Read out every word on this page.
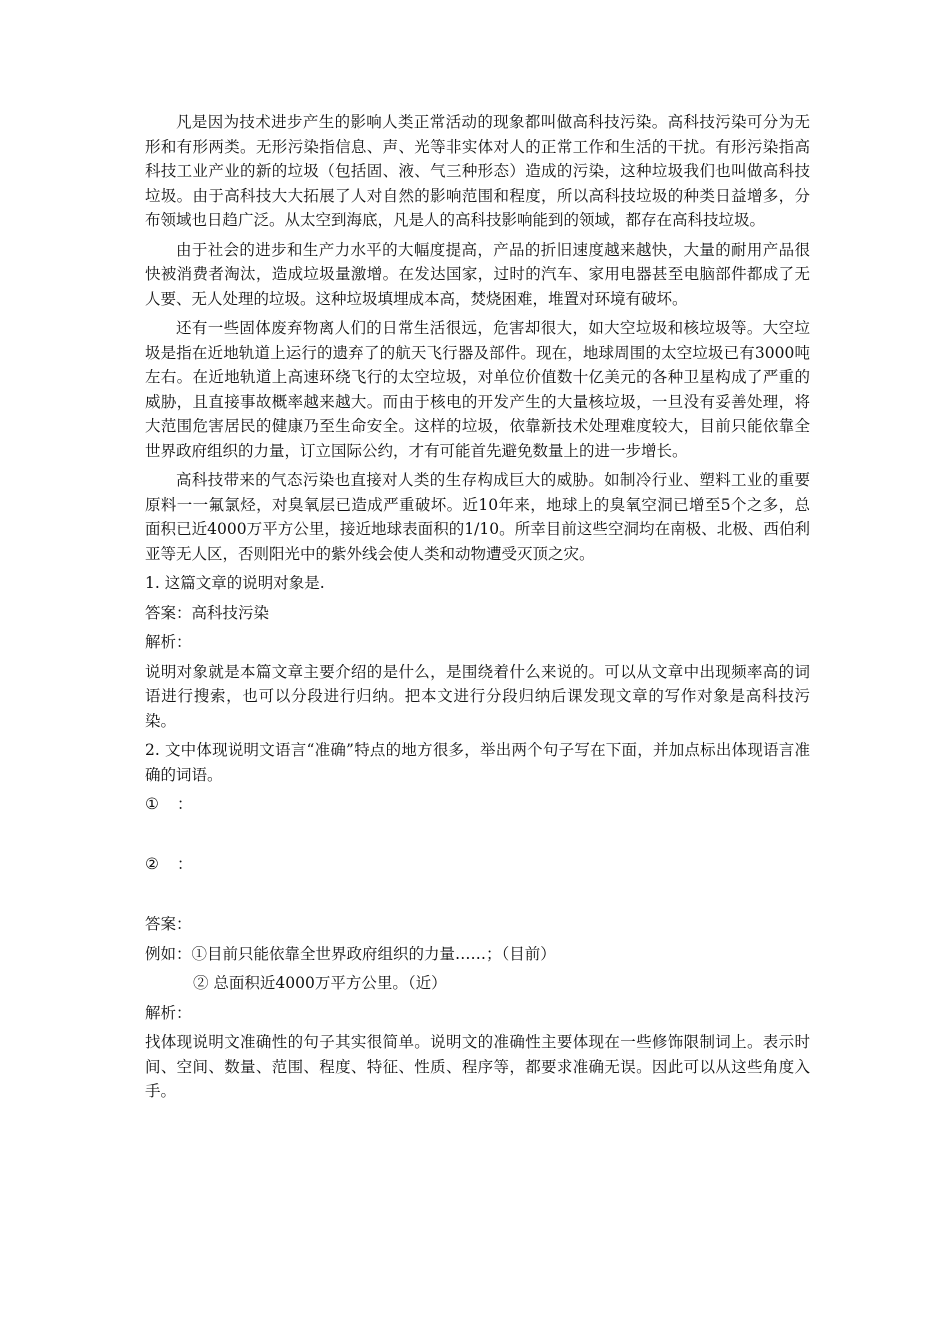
凡是因为技术进步产生的影响人类正常活动的现象都叫做高科技污染。高科技污染可分为无形和有形两类。无形污染指信息、声、光等非实体对人的正常工作和生活的干扰。有形污染指高科技工业产业的新的垃圾（包括固、液、气三种形态）造成的污染，这种垃圾我们也叫做高科技垃圾。由于高科技大大拓展了人对自然的影响范围和程度，所以高科技垃圾的种类日益增多，分布领域也日趋广泛。从太空到海底，凡是人的高科技影响能到的领域，都存在高科技垃圾。

由于社会的进步和生产力水平的大幅度提高，产品的折旧速度越来越快，大量的耐用产品很快被消费者淘汰，造成垃圾量激增。在发达国家，过时的汽车、家用电器甚至电脑部件都成了无人要、无人处理的垃圾。这种垃圾填埋成本高，焚烧困难，堆置对环境有破坏。

还有一些固体废弃物离人们的日常生活很远，危害却很大，如大空垃圾和核垃圾等。大空垃圾是指在近地轨道上运行的遗弃了的航天飞行器及部件。现在，地球周围的太空垃圾已有3000吨左右。在近地轨道上高速环绕飞行的太空垃圾，对单位价值数十亿美元的各种卫星构成了严重的威胁，且直接事故概率越来越大。而由于核电的开发产生的大量核垃圾，一旦没有妥善处理，将大范围危害居民的健康乃至生命安全。这样的垃圾，依靠新技术处理难度较大，目前只能依靠全世界政府组织的力量，订立国际公约，才有可能首先避免数量上的进一步增长。

高科技带来的气态污染也直接对人类的生存构成巨大的威胁。如制冷行业、塑料工业的重要原料一一氟氯烃，对臭氧层已造成严重破坏。近10年来，地球上的臭氧空洞已增至5个之多，总面积已近4000万平方公里，接近地球表面积的1/10。所幸目前这些空洞均在南极、北极、西伯利亚等无人区，否则阳光中的紫外线会使人类和动物遭受灭顶之灾。

1. 这篇文章的说明对象是.

答案：高科技污染

解析：

说明对象就是本篇文章主要介绍的是什么，是围绕着什么来说的。可以从文章中出现频率高的词语进行搜索，也可以分段进行归纳。把本文进行分段归纳后课发现文章的写作对象是高科技污染。

2. 文中体现说明文语言“准确”特点的地方很多，举出两个句子写在下面，并加点标出体现语言准确的词语。

① ：
② ：

答案：

例如：①目前只能依靠全世界政府组织的力量……；（目前）

② 总面积近4000万平方公里。（近）

解析：

找体现说明文准确性的句子其实很简单。说明文的准确性主要体现在一些修饰限制词上。表示时间、空间、数量、范围、程度、特征、性质、程序等，都要求准确无误。因此可以从这些角度入手。
